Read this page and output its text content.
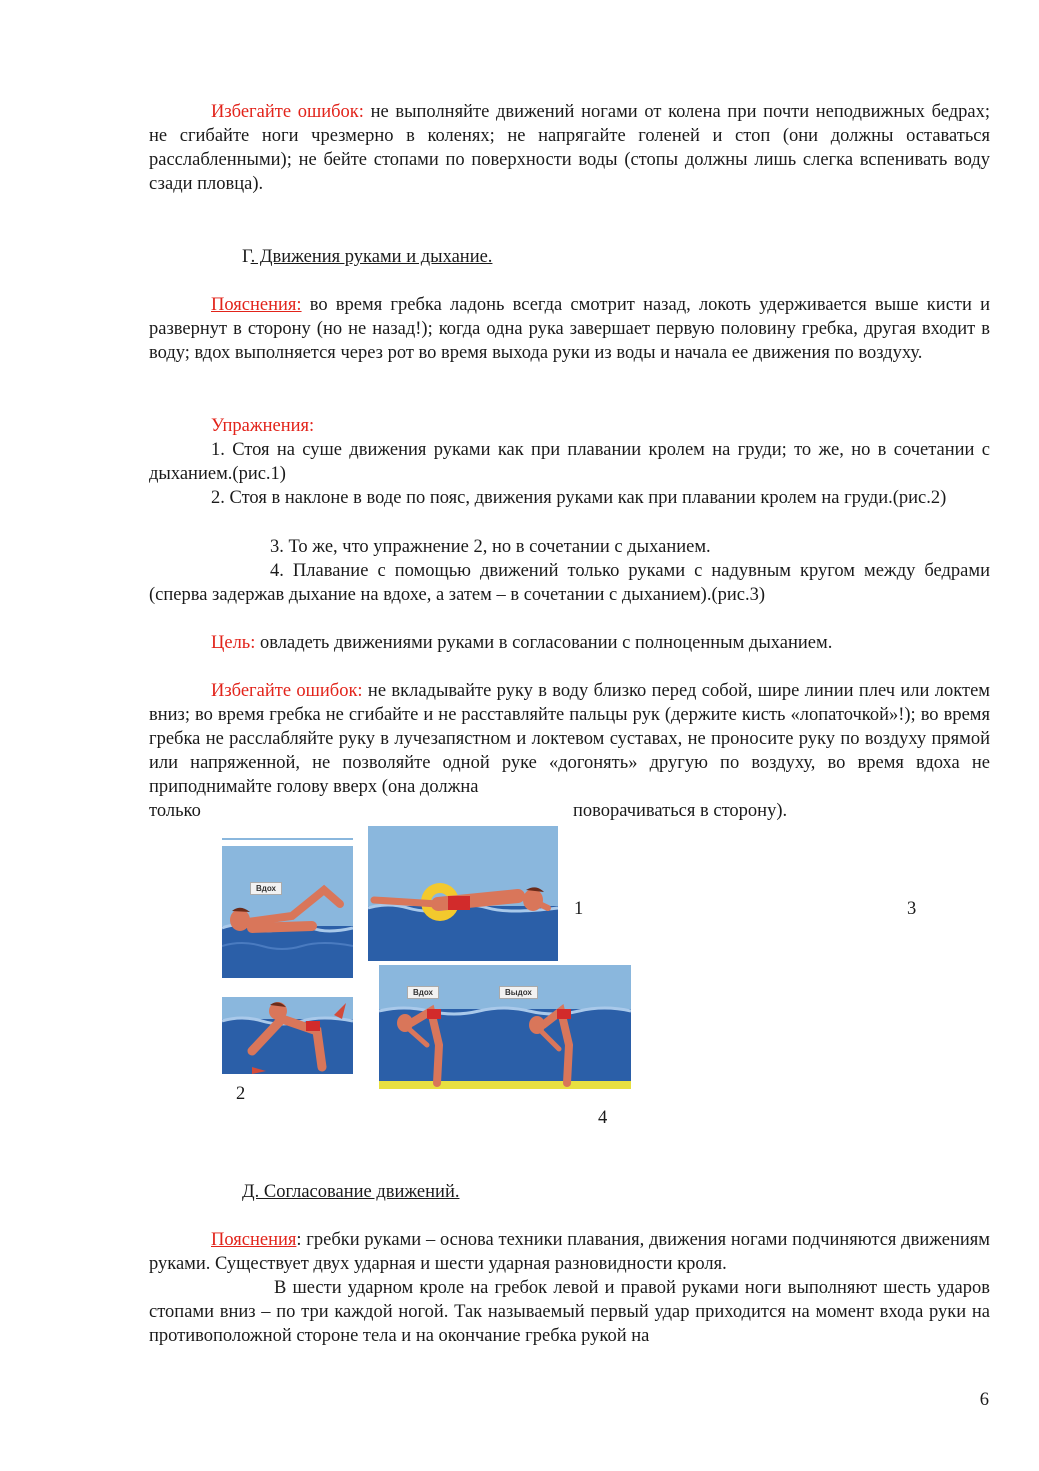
Избегайте ошибок: не выполняйте движений ногами от колена при почти неподвижных бедрах; не сгибайте ноги чрезмерно в коленях; не напрягайте голеней и стоп (они должны оставаться расслабленными); не бейте стопами по поверхности воды (стопы должны лишь слегка вспенивать воду сзади пловца).

Г. Движения руками и дыхание.

Пояснения: во время гребка ладонь всегда смотрит назад, локоть удерживается выше кисти и развернут в сторону (но не назад!); когда одна рука завершает первую половину гребка, другая входит в воду; вдох выполняется через рот во время выхода руки из воды и начала ее движения по воздуху.

Упражнения:

1. Стоя на суше движения руками как при плавании кролем на груди; то же, но в сочетании с дыханием.(рис.1)

2. Стоя в наклоне в воде по пояс, движения руками как при плавании кролем на груди.(рис.2)

3. То же, что упражнение 2, но в сочетании с дыханием.

4. Плавание с помощью движений только руками с надувным кругом между бедрами (сперва задержав дыхание на вдохе, а затем – в сочетании с дыханием).(рис.3)

Цель: овладеть движениями руками в согласовании с полноценным дыханием.

Избегайте ошибок: не вкладывайте руку в воду близко перед собой, шире линии плеч или локтем вниз; во время гребка не сгибайте и не расставляйте пальцы рук (держите кисть «лопаточкой»!); во время гребка не расслабляйте руку в лучезапястном и локтевом суставах, не проносите руку по воздуху прямой или напряженной, не позволяйте одной руке «догонять» другую по воздуху, во время вдоха не приподнимайте голову вверх (она должна

только	поворачиваться в сторону).
Вдох
Вдох	Выдох
1	3
2
4
Д. Согласование движений.

Пояснения: гребки руками – основа техники плавания, движения ногами подчиняются движениям руками. Существует двух ударная и шести ударная разновидности кроля.

В шести ударном кроле на гребок левой и правой руками ноги выполняют шесть ударов стопами вниз – по три каждой ногой. Так называемый первый удар приходится на момент входа руки на противоположной стороне тела и на окончание гребка рукой на

6
